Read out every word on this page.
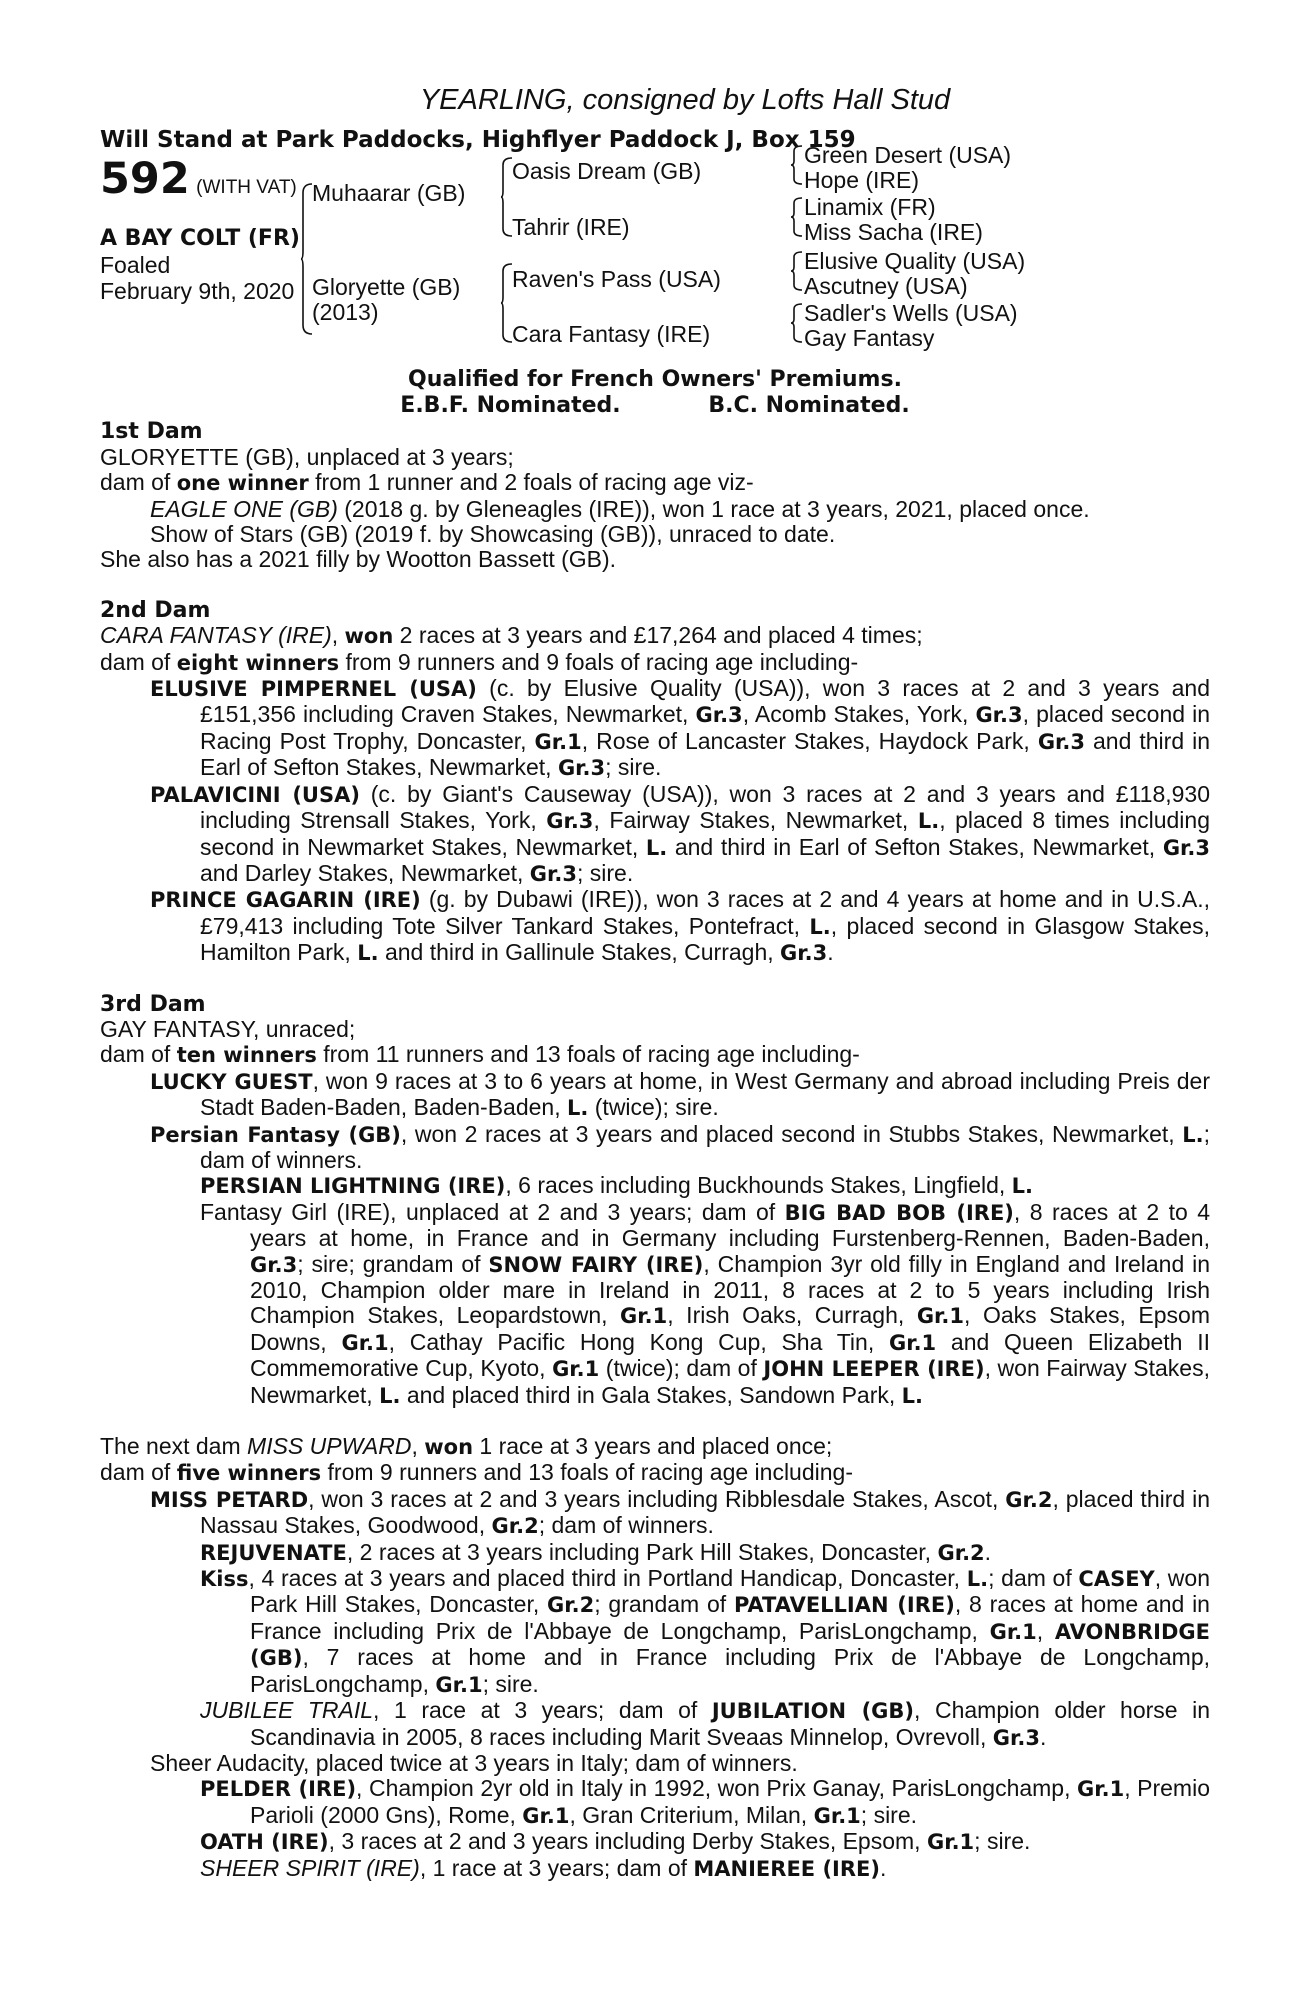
YEARLING, consigned by Lofts Hall Stud
Will Stand at Park Paddocks, Highflyer Paddock J, Box 159
592 (WITH VAT)
A BAY COLT (FR)
Foaled
February 9th, 2020
Muhaarar (GB)
Gloryette (GB)
(2013)
Oasis Dream (GB)
Tahrir (IRE)
Raven's Pass (USA)
Cara Fantasy (IRE)
Green Desert (USA)
Hope (IRE)
Linamix (FR)
Miss Sacha (IRE)
Elusive Quality (USA)
Ascutney (USA)
Sadler's Wells (USA)
Gay Fantasy
Qualified for French Owners' Premiums.
E.B.F. Nominated.	B.C. Nominated.
1st Dam
GLORYETTE (GB), unplaced at 3 years;
dam of one winner from 1 runner and 2 foals of racing age viz-
EAGLE ONE (GB) (2018 g. by Gleneagles (IRE)), won 1 race at 3 years, 2021, placed once.
Show of Stars (GB) (2019 f. by Showcasing (GB)), unraced to date.
She also has a 2021 filly by Wootton Bassett (GB).
2nd Dam
CARA FANTASY (IRE), won 2 races at 3 years and £17,264 and placed 4 times;
dam of eight winners from 9 runners and 9 foals of racing age including-
ELUSIVE PIMPERNEL (USA) (c. by Elusive Quality (USA)), won 3 races at 2 and 3 years and £151,356 including Craven Stakes, Newmarket, Gr.3, Acomb Stakes, York, Gr.3, placed second in Racing Post Trophy, Doncaster, Gr.1, Rose of Lancaster Stakes, Haydock Park, Gr.3 and third in Earl of Sefton Stakes, Newmarket, Gr.3; sire.
PALAVICINI (USA) (c. by Giant's Causeway (USA)), won 3 races at 2 and 3 years and £118,930 including Strensall Stakes, York, Gr.3, Fairway Stakes, Newmarket, L., placed 8 times including second in Newmarket Stakes, Newmarket, L. and third in Earl of Sefton Stakes, Newmarket, Gr.3 and Darley Stakes, Newmarket, Gr.3; sire.
PRINCE GAGARIN (IRE) (g. by Dubawi (IRE)), won 3 races at 2 and 4 years at home and in U.S.A., £79,413 including Tote Silver Tankard Stakes, Pontefract, L., placed second in Glasgow Stakes, Hamilton Park, L. and third in Gallinule Stakes, Curragh, Gr.3.
3rd Dam
GAY FANTASY, unraced;
dam of ten winners from 11 runners and 13 foals of racing age including-
LUCKY GUEST, won 9 races at 3 to 6 years at home, in West Germany and abroad including Preis der Stadt Baden-Baden, Baden-Baden, L. (twice); sire.
Persian Fantasy (GB), won 2 races at 3 years and placed second in Stubbs Stakes, Newmarket, L.; dam of winners.
PERSIAN LIGHTNING (IRE), 6 races including Buckhounds Stakes, Lingfield, L.
Fantasy Girl (IRE), unplaced at 2 and 3 years; dam of BIG BAD BOB (IRE), 8 races at 2 to 4 years at home, in France and in Germany including Furstenberg-Rennen, Baden-Baden, Gr.3; sire; grandam of SNOW FAIRY (IRE), Champion 3yr old filly in England and Ireland in 2010, Champion older mare in Ireland in 2011, 8 races at 2 to 5 years including Irish Champion Stakes, Leopardstown, Gr.1, Irish Oaks, Curragh, Gr.1, Oaks Stakes, Epsom Downs, Gr.1, Cathay Pacific Hong Kong Cup, Sha Tin, Gr.1 and Queen Elizabeth II Commemorative Cup, Kyoto, Gr.1 (twice); dam of JOHN LEEPER (IRE), won Fairway Stakes, Newmarket, L. and placed third in Gala Stakes, Sandown Park, L.
The next dam MISS UPWARD, won 1 race at 3 years and placed once;
dam of five winners from 9 runners and 13 foals of racing age including-
MISS PETARD, won 3 races at 2 and 3 years including Ribblesdale Stakes, Ascot, Gr.2, placed third in Nassau Stakes, Goodwood, Gr.2; dam of winners.
REJUVENATE, 2 races at 3 years including Park Hill Stakes, Doncaster, Gr.2.
Kiss, 4 races at 3 years and placed third in Portland Handicap, Doncaster, L.; dam of CASEY, won Park Hill Stakes, Doncaster, Gr.2; grandam of PATAVELLIAN (IRE), 8 races at home and in France including Prix de l'Abbaye de Longchamp, ParisLongchamp, Gr.1, AVONBRIDGE (GB), 7 races at home and in France including Prix de l'Abbaye de Longchamp, ParisLongchamp, Gr.1; sire.
JUBILEE TRAIL, 1 race at 3 years; dam of JUBILATION (GB), Champion older horse in Scandinavia in 2005, 8 races including Marit Sveaas Minnelop, Ovrevoll, Gr.3.
Sheer Audacity, placed twice at 3 years in Italy; dam of winners.
PELDER (IRE), Champion 2yr old in Italy in 1992, won Prix Ganay, ParisLongchamp, Gr.1, Premio Parioli (2000 Gns), Rome, Gr.1, Gran Criterium, Milan, Gr.1; sire.
OATH (IRE), 3 races at 2 and 3 years including Derby Stakes, Epsom, Gr.1; sire.
SHEER SPIRIT (IRE), 1 race at 3 years; dam of MANIEREE (IRE).
